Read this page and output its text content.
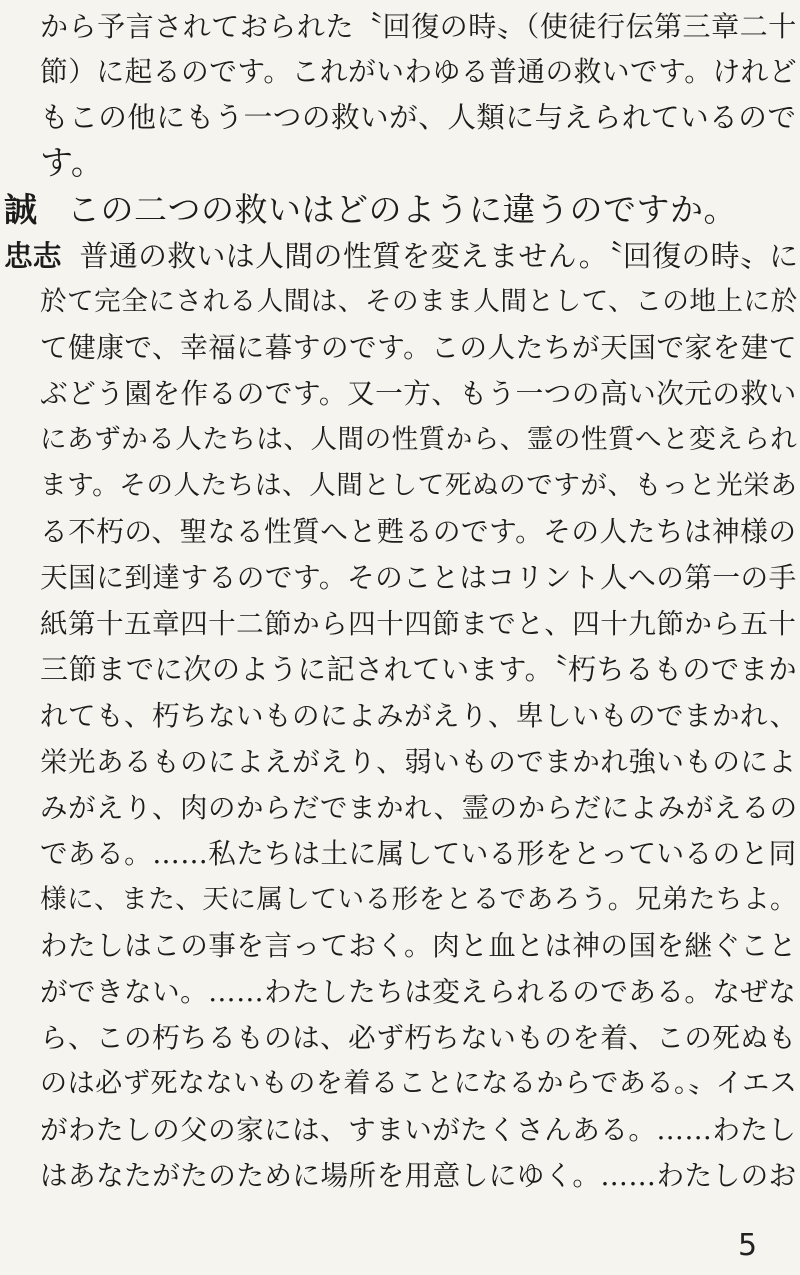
から予言されておられた〝回復の時〟（使徒行伝第三章二十
節）に起るのです。これがいわゆる普通の救いです。けれど
もこの他にもう一つの救いが、人類に与えられているので
す。
誠 この二つの救いはどのように違うのですか。
忠志 普通の救いは人間の性質を変えません。〝回復の時〟に
於て完全にされる人間は、そのまま人間として、この地上に於
て健康で、幸福に暮すのです。この人たちが天国で家を建て
ぶどう園を作るのです。又一方、もう一つの高い次元の救い
にあずかる人たちは、人間の性質から、霊の性質へと変えられ
ます。その人たちは、人間として死ぬのですが、もっと光栄あ
る不朽の、聖なる性質へと甦るのです。その人たちは神様の
天国に到達するのです。そのことはコリント人への第一の手
紙第十五章四十二節から四十四節までと、四十九節から五十
三節までに次のように記されています。〝朽ちるものでまか
れても、朽ちないものによみがえり、卑しいものでまかれ、
栄光あるものによえがえり、弱いものでまかれ強いものによ
みがえり、肉のからだでまかれ、霊のからだによみがえるの
である。……私たちは土に属している形をとっているのと同
様に、また、天に属している形をとるであろう。兄弟たちよ。
わたしはこの事を言っておく。肉と血とは神の国を継ぐこと
ができない。……わたしたちは変えられるのである。なぜな
ら、この朽ちるものは、必ず朽ちないものを着、この死ぬも
のは必ず死なないものを着ることになるからである。〟イエス
がわたしの父の家には、すまいがたくさんある。……わたし
はあなたがたのために場所を用意しにゆく。……わたしのお
5
